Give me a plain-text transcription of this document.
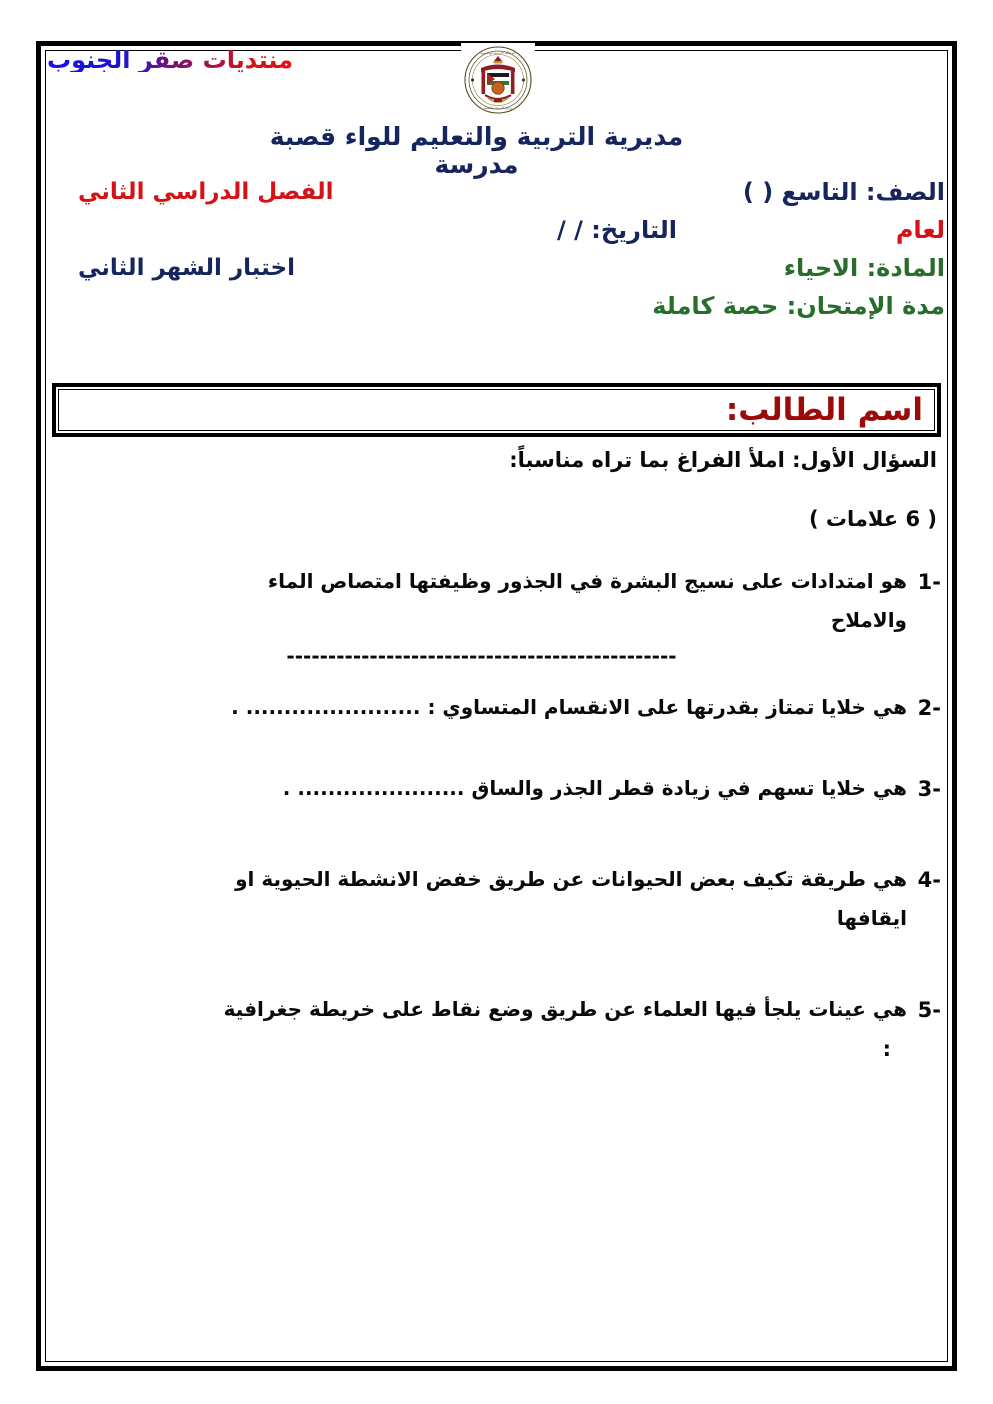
منتديات صقر الجنوب	المملكة الأردنية الهاشمية
وزارة التربية والتعليم
مديرية التربية والتعليم للواء قصبة
مدرسة
الصف: التاسع ( )
الفصل الدراسي الثاني
لعام
التاريخ: / /
المادة: الاحياء
اختبار الشهر الثاني
مدة الإمتحان: حصة كاملة
اسم الطالب:
السؤال الأول: املأ الفراغ بما تراه مناسباً:
( 6 علامات )
1-
هو امتدادات على نسيج البشرة في الجذور وظيفتها امتصاص الماء
والاملاح
-----------------------------------------------
2-
هي خلايا تمتاز بقدرتها على الانقسام المتساوي : ....................... .
3-
هي خلايا تسهم في زيادة قطر الجذر والساق ...................... .
4-
هي طريقة تكيف بعض الحيوانات عن طريق خفض الانشطة الحيوية او
ايقافها
5-
هي عينات يلجأ فيها العلماء عن طريق وضع نقاط على خريطة جغرافية
:
